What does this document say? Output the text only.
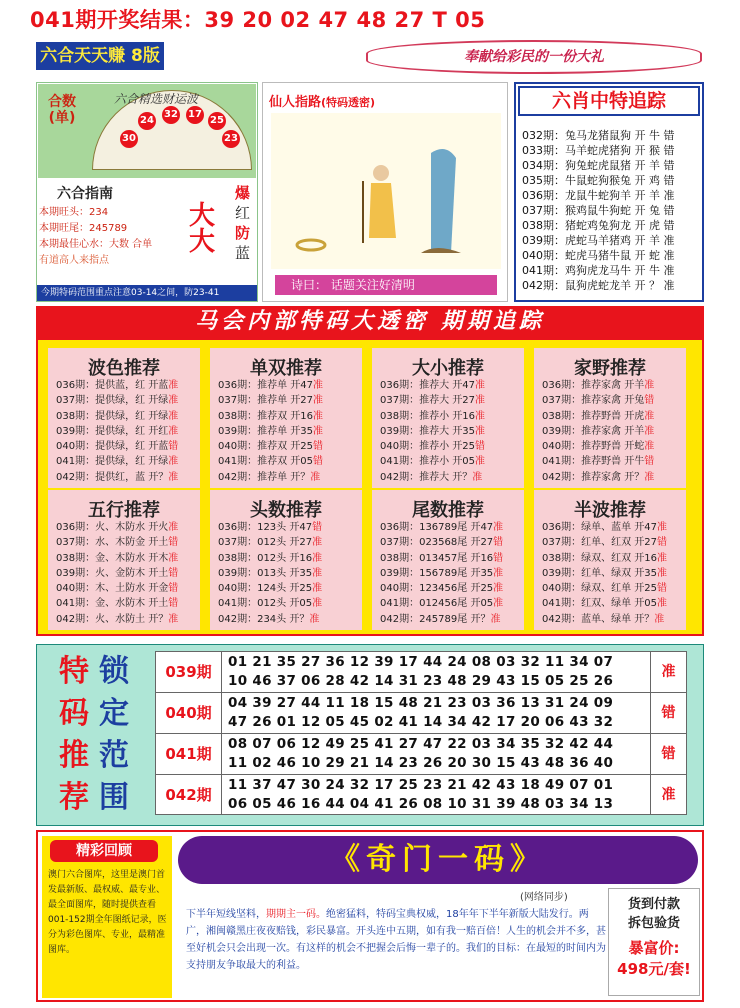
041期开奖结果：39 20 02 47 48 27 T 05
六合天天赚 8版	奉献给彩民的一份大礼
六合精选财运波
合数(单)
30
24
32 17
25
23
六合指南
本期旺头：234
本期旺尾：245789
本期最佳心水：大数 合单
有道高人来指点
大
大
爆
红
防
蓝
今期特码范围重点注意03-14之间，防23-41
仙人指路(特码透密)
诗曰： 话题关注好清明
六肖中特追踪
032期：兔马龙猪鼠狗 开 牛 错
033期：马羊蛇虎猪狗 开 猴 错
034期：狗兔蛇虎鼠猪 开 羊 错
035期：牛鼠蛇狗猴兔 开 鸡 错
036期：龙鼠牛蛇狗羊 开 羊 准
037期：猴鸡鼠牛狗蛇 开 兔 错
038期：猪蛇鸡兔狗龙 开 虎 错
039期：虎蛇马羊猪鸡 开 羊 准
040期：蛇虎马猪牛鼠 开 蛇 准
041期：鸡狗虎龙马牛 开 牛 准
042期：鼠狗虎蛇龙羊 开 ？ 准
马会内部特码大透密 期期追踪
波色推荐
036期：提供蓝，红 开蓝准
037期：提供绿，红 开绿准
038期：提供绿，红 开绿准
039期：提供绿，红 开红准
040期：提供绿，红 开蓝错
041期：提供绿，红 开绿准
042期：提供红，蓝 开？准
单双推荐
036期：推荐单 开47准
037期：推荐单 开27准
038期：推荐双 开16准
039期：推荐单 开35准
040期：推荐双 开25错
041期：推荐双 开05错
042期：推荐单 开？准
大小推荐
036期：推荐大 开47准
037期：推荐大 开27准
038期：推荐小 开16准
039期：推荐大 开35准
040期：推荐小 开25错
041期：推荐小 开05准
042期：推荐大 开？准
家野推荐
036期：推荐家禽 开羊准
037期：推荐家禽 开兔错
038期：推荐野兽 开虎准
039期：推荐家禽 开羊准
040期：推荐野兽 开蛇准
041期：推荐野兽 开牛错
042期：推荐家禽 开？准
五行推荐
036期：火、木防水 开火准
037期：水、木防金 开土错
038期：金、木防水 开木准
039期：火、金防木 开土错
040期：木、土防水 开金错
041期：金、水防木 开土错
042期：火、水防土 开？准
头数推荐
036期：123头 开47错
037期：012头 开27准
038期：012头 开16准
039期：013头 开35准
040期：124头 开25准
041期：012头 开05准
042期：234头 开？准
尾数推荐
036期：136789尾 开47准
037期：023568尾 开27错
038期：013457尾 开16错
039期：156789尾 开35准
040期：123456尾 开25准
041期：012456尾 开05准
042期：245789尾 开？准
半波推荐
036期：绿单、蓝单 开47准
037期：红单、红双 开27错
038期：绿双、红双 开16准
039期：红单、绿双 开35准
040期：绿双、红单 开25错
041期：红双、绿单 开05准
042期：蓝单、绿单 开？准
特
码
推
荐
锁
定
范
围
039期
01 21 35 27 36 12 39 17 44 24 08 03 32 11 34 07
10 46 37 06 28 42 14 31 23 48 29 43 15 05 25 26
准
040期
04 39 27 44 11 18 15 48 21 23 03 36 13 31 24 09
47 26 01 12 05 45 02 41 14 34 42 17 20 06 43 32
错
041期
08 07 06 12 49 25 41 27 47 22 03 34 35 32 42 44
11 02 46 10 29 21 14 23 26 20 30 15 43 48 36 40
错
042期
11 37 47 30 24 32 17 25 23 21 42 43 18 49 07 01
06 05 46 16 44 04 41 26 08 10 31 39 48 03 34 13
准
精彩回顾
澳门六合图库，这里是澳门首发最新版、最权威、最专业、最全面图库，随时提供查看001-152期全年图纸记录，医分为彩色图库、专业，最精准图库。
《奇门一码》
(网络同步)
下半年短线坚料，期期主一码。绝密猛料，特码宝典权威，18年年下半年新版大陆发行。两广，湘闽赣黑庄夜夜赔钱，彩民暴富。开头连中五期，如有我一赔百倍！人生的机会并不多，甚至好机会只会出现一次。有这样的机会不把握会后悔一辈子的。我们的目标：在最短的时间内为支持朋友争取最大的利益。
货到付款
拆包验货
暴富价:
498元/套!
